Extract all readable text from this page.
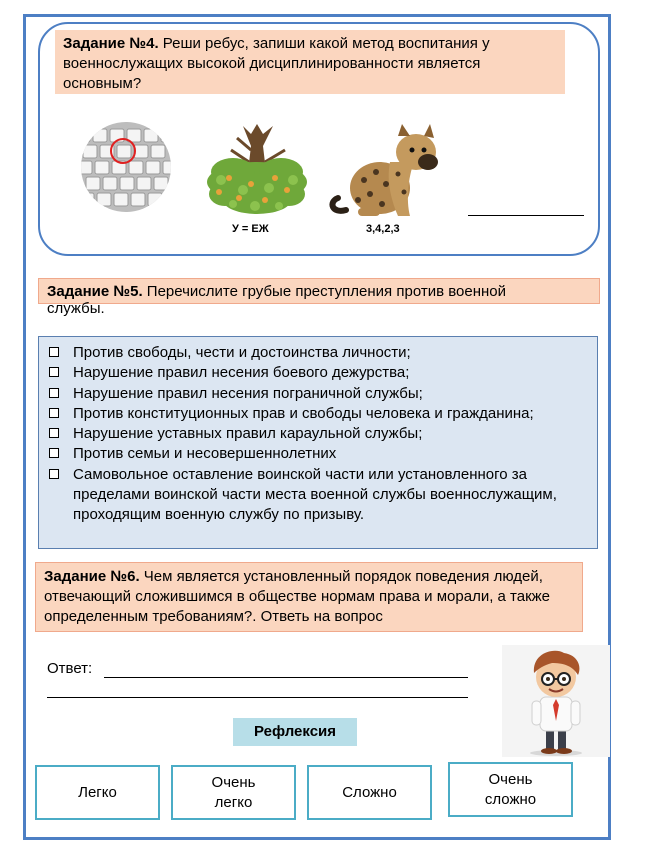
Задание №4. Реши ребус, запиши какой метод воспитания у военнослужащих высокой дисциплинированности является основным?
У = ЕЖ	3,4,2,3
Задание №5. Перечислите грубые преступления против военной
службы.
Против свободы, чести и достоинства личности;
Нарушение правил несения боевого дежурства;
Нарушение правил несения пограничной службы;
Против конституционных прав и свободы человека и гражданина;
Нарушение уставных правил караульной службы;
Против семьи и несовершеннолетних
Самовольное оставление воинской части или установленного за пределами воинской части места военной службы военнослужащим, проходящим военную службу по призыву.
Задание №6. Чем является установленный порядок поведения людей, отвечающий сложившимся в обществе нормам права и морали, а также определенным требованиям?. Ответь на вопрос
Ответ:
Рефлексия
Легко
Очень
легко
Сложно
Очень
сложно
